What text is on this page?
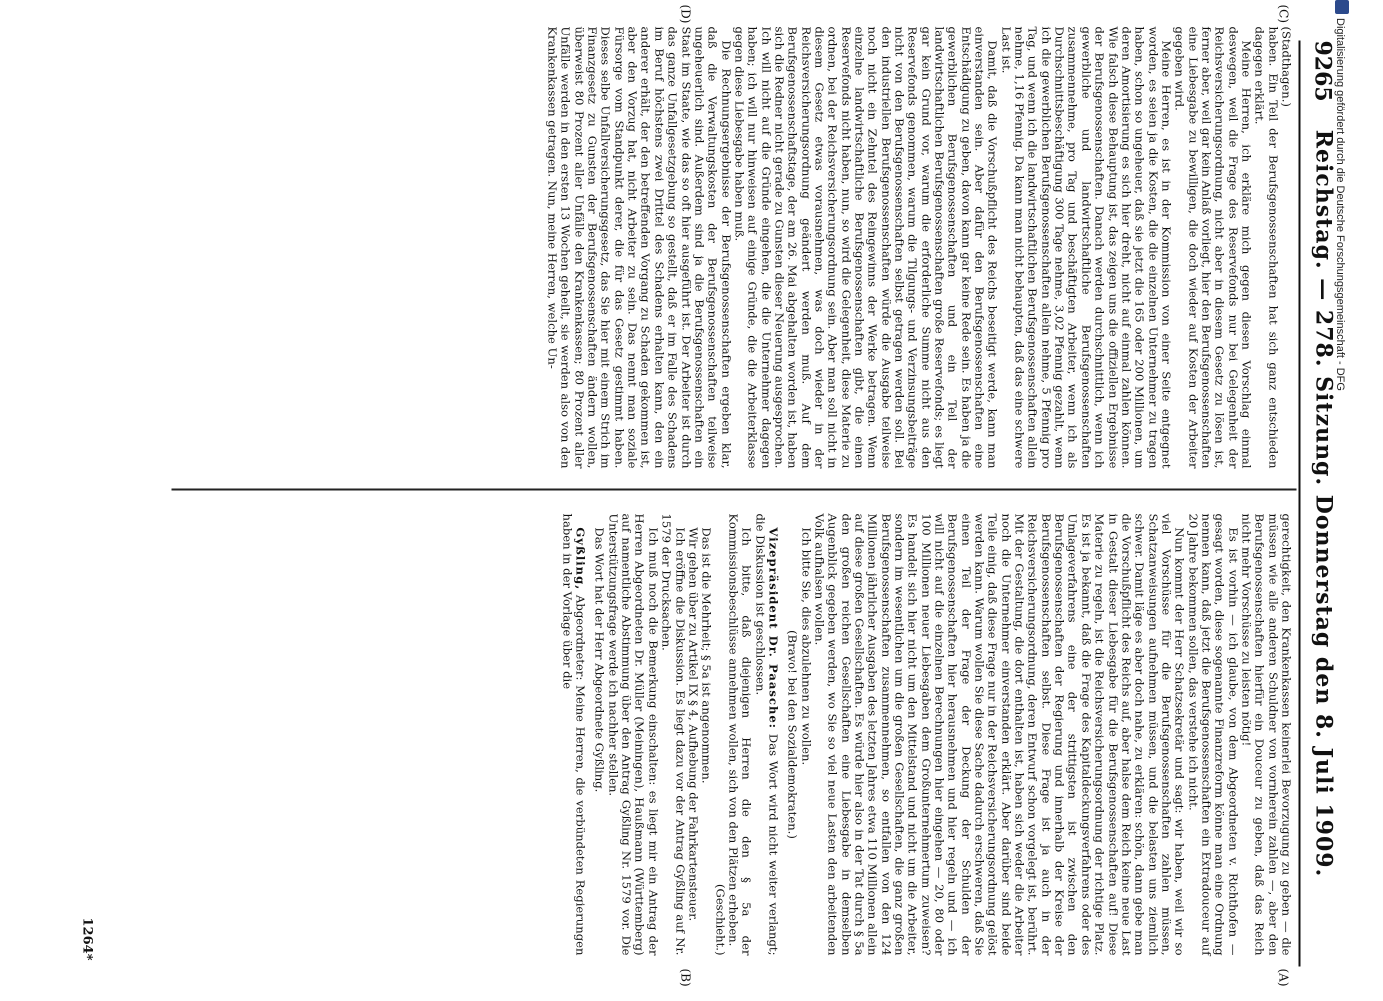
9265
Reichstag. — 278. Sitzung. Donnerstag den 8. Juli 1909.
(C)
(D)
(A)
(B)

(Stadthagen.)

haben. Ein Teil der Berufsgenossenschaften hat sich ganz entschieden dagegen erklärt.

Meine Herren, ich erkläre mich gegen diesen Vorschlag einmal deswegen, weil die Frage des Reservefonds nur bei Gelegenheit der Reichsversicherungsordnung, nicht aber in diesem Gesetz zu lösen ist, ferner aber, weil gar kein Anlaß vorliegt, hier den Berufsgenossenschaften eine Liebesgabe zu bewilligen, die doch wieder auf Kosten der Arbeiter gegeben wird.

Meine Herren, es ist in der Kommission von einer Seite entgegnet worden, es seien ja die Kosten, die die einzelnen Unternehmer zu tragen haben, schon so ungeheuer, daß sie jetzt die 165 oder 200 Millionen, um deren Amortisierung es sich hier dreht, nicht auf einmal zahlen können. Wie falsch diese Behauptung ist, das zeigen uns die offiziellen Ergebnisse der Berufsgenossenschaften. Danach werden durchschnittlich, wenn ich gewerbliche und landwirtschaftliche Berufsgenossenschaften zusammennehme, pro Tag und beschäftigten Arbeiter, wenn ich als Durchschnittsbeschäftigung 300 Tage nehme, 3,02 Pfennig gezahlt, wenn ich die gewerblichen Berufsgenossenschaften allein nehme, 5 Pfennig pro Tag, und wenn ich die landwirtschaftlichen Berufsgenossenschaften allein nehme, 1,16 Pfennig. Da kann man nicht behaupten, daß das eine schwere Last ist.

Damit, daß die Vorschußpflicht des Reichs beseitigt werde, kann man einverstanden sein. Aber dafür den Berufsgenossenschaften eine Entschädigung zu geben, davon kann gar keine Rede sein. Es haben ja die gewerblichen Berufsgenossenschaften und ein Teil der landwirtschaftlichen Berufsgenossenschaften große Reservefonds; es liegt gar kein Grund vor, warum die erforderliche Summe nicht aus den Reservefonds genommen, warum die Tilgungs- und Verzinsungsbeiträge nicht von den Berufsgenossenschaften selbst getragen werden soll. Bei den industriellen Berufsgenossenschaften würde die Ausgabe teilweise noch nicht ein Zehntel des Reingewinns der Werke betragen. Wenn einzelne landwirtschaftliche Berufsgenossenschaften gibt, die einen Reservefonds nicht haben, nun, so wird die Gelegenheit, diese Materie zu ordnen, bei der Reichsversicherungsordnung sein. Aber man soll nicht in diesem Gesetz etwas vorausnehmen, was doch wieder in der Reichsversicherungsordnung geändert werden muß. Auf dem Berufsgenossenschaftstage, der am 26. Mai abgehalten worden ist, haben sich die Redner nicht gerade zu Gunsten dieser Neuerung ausgesprochen. Ich will nicht auf die Gründe eingehen, die die Unternehmer dagegen haben; ich will nur hinweisen auf einige Gründe, die die Arbeiterklasse gegen diese Liebesgabe haben muß.

Die Rechnungsergebnisse der Berufsgenossenschaften ergeben klar, daß die Verwaltungskosten der Berufsgenossenschaften teilweise ungeheuerlich sind. Außerdem sind ja die Berufsgenossenschaften ein Staat im Staate, wie das so oft hier ausgeführt ist. Der Arbeiter ist durch das ganze Unfallgesetzgebung so gestellt, daß er im Falle des Schadens im Beruf höchstens zwei Drittel des Schadens erhalten kann, den ein anderer erhält, der den betreffenden Vorgang zu Schaden gekommen ist, aber den Vorzug hat, nicht Arbeiter zu sein. Das nennt man soziale Fürsorge vom Standpunkt derer, die für das Gesetz gestimmt haben. Dieses selbe Unfallversicherungsgesetz, das Sie hier mit einem Strich im Finanzgesetz zu Gunsten der Berufsgenossenschaften ändern wollen, überweist 80 Prozent aller Unfälle den Krankenkassen; 80 Prozent aller Unfälle werden in den ersten 13 Wochen geheilt, sie werden also von den Krankenkassen getragen. Nun, meine Herren, welche Un-

gerechtigkeit, den Krankenkassen keinerlei Bevorzugung zu geben — die müssen wie alle anderen Schuldner von vornherein zahlen —, aber den Berufsgenossenschaften hierfür ein Douceur zu geben, daß das Reich nicht mehr Vorschüsse zu leisten nötig!

Es ist vorhin — ich glaube, von dem Abgeordneten v. Richthofen — gesagt worden, diese sogenannte Finanzreform könne man eine Ordnung nennen kann, daß jetzt die Berufsgenossenschaften ein Extradouceur auf 20 Jahre bekommen sollen, das verstehe ich nicht.

Nun kommt der Herr Schatzsekretär und sagt: wir haben, weil wir so viel Vorschüsse für die Berufsgenossenschaften zahlen müssen, Schatzanweisungen aufnehmen müssen, und die belasten uns ziemlich schwer. Damit läge es aber doch nahe, zu erklären: schön, dann gebe man die Vorschußpflicht des Reichs auf, aber halse dem Reich keine neue Last in Gestalt dieser Liebesgabe für die Berufsgenossenschaften auf! Diese Materie zu regeln, ist die Reichsversicherungsordnung der richtige Platz. Es ist ja bekannt, daß die Frage des Kapitaldeckungsverfahrens oder des Umlageverfahrens eine der strittigsten ist zwischen den Berufsgenossenschaften der Regierung und innerhalb der Kreise der Berufsgenossenschaften selbst. Diese Frage ist ja auch in der Reichsversicherungsordnung, deren Entwurf schon vorgelegt ist, berührt. Mit der Gestaltung, die dort enthalten ist, haben sich weder die Arbeiter noch die Unternehmer einverstanden erklärt. Aber darüber sind beide Teile einig, daß diese Frage nur in der Reichsversicherungsordnung gelöst werden kann. Warum wollen Sie diese Sache dadurch erschweren, daß Sie einen Teil der Frage der Deckung der Schulden der Berufsgenossenschaften hier herausnehmen und hier regeln und — ich will nicht auf die einzelnen Berechnungen hier eingehen — 20, 80 oder 100 Millionen neuer Liebesgaben dem Großunternehmertum zuweisen? Es handelt sich hier nicht um den Mittelstand und nicht um die Arbeiter, sondern im wesentlichen um die großen Gesellschaften, die ganz großen Berufsgenossenschaften zusammennehmen, so entfallen von den 124 Millionen jährlicher Ausgaben des letzten Jahres etwa 110 Millionen allein auf diese großen Gesellschaften. Es würde hier also in der Tat durch § 5a den großen reichen Gesellschaften eine Liebesgabe in demselben Augenblick gegeben werden, wo Sie so viel neue Lasten den arbeitenden Volk aufhalsen wollen.

Ich bitte Sie, dies abzulehnen zu wollen.

(Bravo! bei den Sozialdemokraten.)

Vizepräsident Dr. Paasche: Das Wort wird nicht weiter verlangt; die Diskussion ist geschlossen.

Ich bitte, daß diejenigen Herren die den § 5a der Kommissionsbeschlüsse annehmen wollen, sich von den Plätzen erheben.

(Geschieht.)

Das ist die Mehrheit; § 5a ist angenommen.

Wir gehen über zu Artikel IX § 4, Aufhebung der Fahrkartensteuer.

Ich eröffne die Diskussion. Es liegt dazu vor der Antrag Gyßling auf Nr. 1579 der Drucksachen.

Ich muß noch die Bemerkung einschalten: es liegt mir ein Antrag der Herren Abgeordneten Dr. Müller (Meiningen), Haußmann (Württemberg) auf namentliche Abstimmung über den Antrag Gyßling Nr. 1579 vor. Die Unterstützungsfrage werde ich nachher stellen.

Das Wort hat der Herr Abgeordnete Gyßling.

Gyßling, Abgeordneter: Meine Herren, die verbündeten Regierungen haben in der Vorlage über die

1264*
Digitalisierung gefördert durch die Deutsche Forschungsgemeinschaft - DFG
